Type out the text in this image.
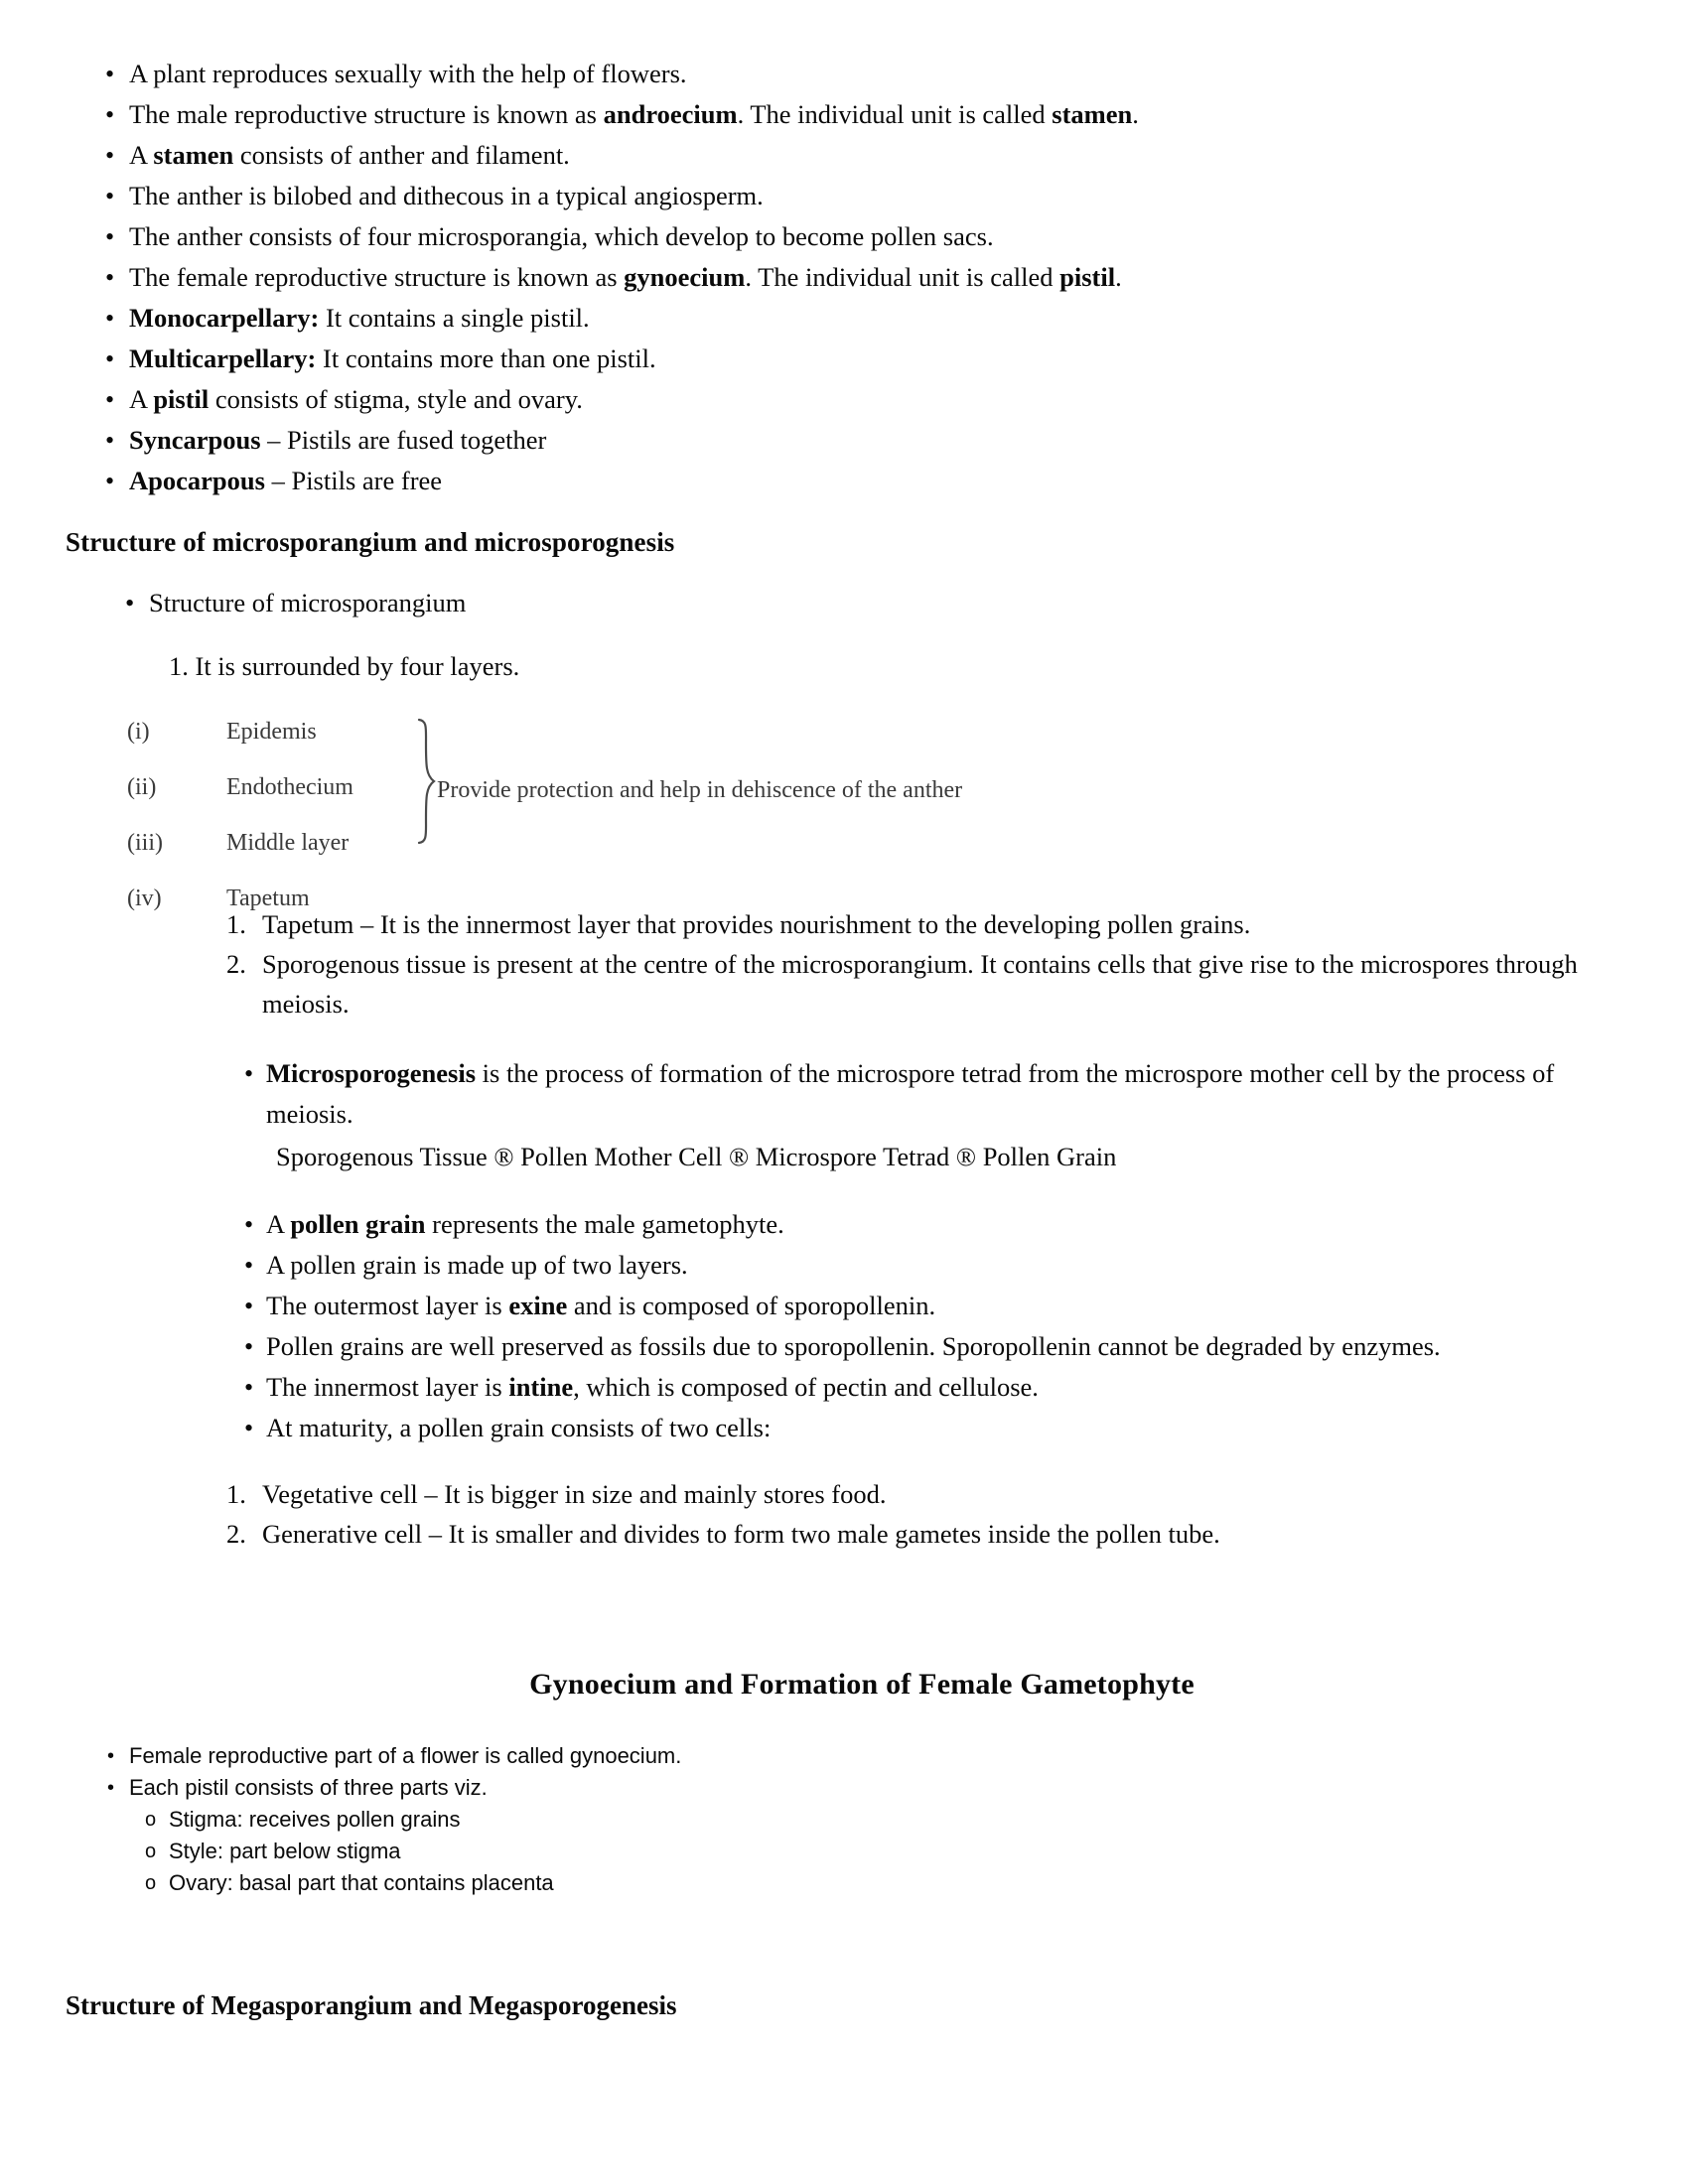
• A plant reproduces sexually with the help of flowers.
• The male reproductive structure is known as androecium. The individual unit is called stamen.
• A stamen consists of anther and filament.
• The anther is bilobed and dithecous in a typical angiosperm.
• The anther consists of four microsporangia, which develop to become pollen sacs.
• The female reproductive structure is known as gynoecium. The individual unit is called pistil.
• Monocarpellary: It contains a single pistil.
• Multicarpellary: It contains more than one pistil.
• A pistil consists of stigma, style and ovary.
• Syncarpous – Pistils are fused together
• Apocarpous – Pistils are free
Structure of microsporangium and microsporognesis
• Structure of microsporangium
1. It is surrounded by four layers.
(i)	Epidemis
(ii)	Endothecium
(iii)	Middle layer
(iv)	Tapetum
Provide protection and help in dehiscence of the anther
1. Tapetum – It is the innermost layer that provides nourishment to the developing pollen grains.
2. Sporogenous tissue is present at the centre of the microsporangium. It contains cells that give rise to the microspores through meiosis.
• Microsporogenesis is the process of formation of the microspore tetrad from the microspore mother cell by the process of meiosis.
Sporogenous Tissue ® Pollen Mother Cell ® Microspore Tetrad ® Pollen Grain
• A pollen grain represents the male gametophyte.
• A pollen grain is made up of two layers.
• The outermost layer is exine and is composed of sporopollenin.
• Pollen grains are well preserved as fossils due to sporopollenin. Sporopollenin cannot be degraded by enzymes.
• The innermost layer is intine, which is composed of pectin and cellulose.
• At maturity, a pollen grain consists of two cells:
1. Vegetative cell – It is bigger in size and mainly stores food.
2. Generative cell – It is smaller and divides to form two male gametes inside the pollen tube.
Gynoecium and Formation of Female Gametophyte
• Female reproductive part of a flower is called gynoecium.
• Each pistil consists of three parts viz.
o Stigma: receives pollen grains
o Style: part below stigma
o Ovary: basal part that contains placenta
Structure of Megasporangium and Megasporogenesis
